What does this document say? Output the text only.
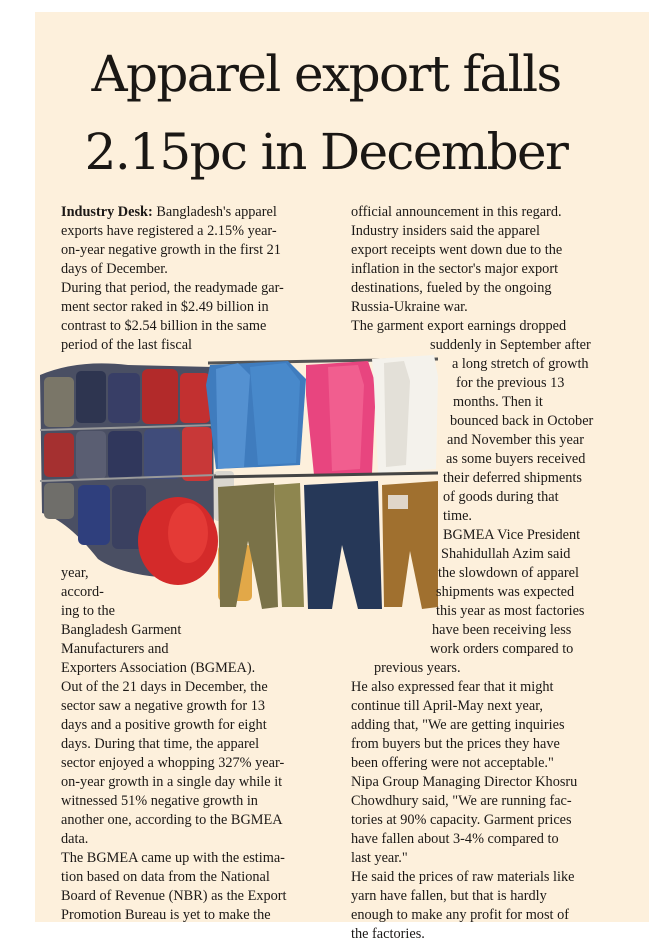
Apparel export falls
2.15pc in December
Industry Desk: Bangladesh's apparel
exports have registered a 2.15% year-
on-year negative growth in the first 21
days of December.
During that period, the readymade gar-
ment sector raked in $2.49 billion in
contrast to $2.54 billion in the same
period of the last fiscal
year,
accord-
ing to the
Bangladesh Garment
Manufacturers and
Exporters Association (BGMEA).
Out of the 21 days in December, the
sector saw a negative growth for 13
days and a positive growth for eight
days. During that time, the apparel
sector enjoyed a whopping 327% year-
on-year growth in a single day while it
witnessed 51% negative growth in
another one, according to the BGMEA
data.
The BGMEA came up with the estima-
tion based on data from the National
Board of Revenue (NBR) as the Export
Promotion Bureau is yet to make the
official announcement in this regard.
Industry insiders said the apparel
export receipts went down due to the
inflation in the sector's major export
destinations, fueled by the ongoing
Russia-Ukraine war.
The garment export earnings dropped
suddenly in September after
a long stretch of growth
for the previous 13
months. Then it
bounced back in October
and November this year
as some buyers received
their deferred shipments
of goods during that
time.
BGMEA Vice President
Shahidullah Azim said
the slowdown of apparel
shipments was expected
this year as most factories
have been receiving less
work orders compared to
previous years.
He also expressed fear that it might
continue till April-May next year,
adding that, "We are getting inquiries
from buyers but the prices they have
been offering were not acceptable."
Nipa Group Managing Director Khosru
Chowdhury said, "We are running fac-
tories at 90% capacity. Garment prices
have fallen about 3-4% compared to
last year."
He said the prices of raw materials like
yarn have fallen, but that is hardly
enough to make any profit for most of
the factories.
